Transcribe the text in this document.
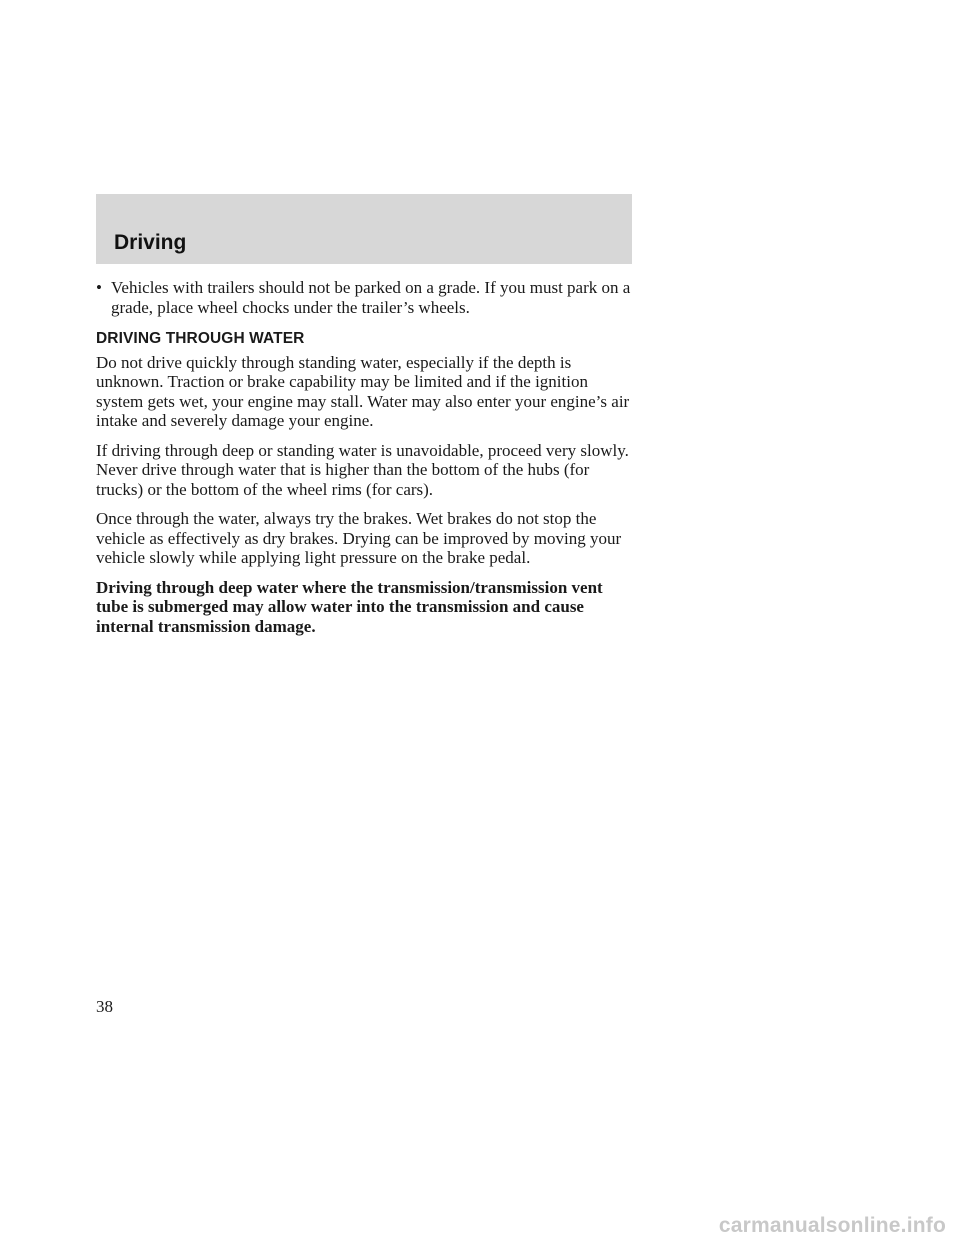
Driving
• Vehicles with trailers should not be parked on a grade. If you must park on a grade, place wheel chocks under the trailer’s wheels.
DRIVING THROUGH WATER

Do not drive quickly through standing water, especially if the depth is unknown. Traction or brake capability may be limited and if the ignition system gets wet, your engine may stall. Water may also enter your engine’s air intake and severely damage your engine.

If driving through deep or standing water is unavoidable, proceed very slowly. Never drive through water that is higher than the bottom of the hubs (for trucks) or the bottom of the wheel rims (for cars).

Once through the water, always try the brakes. Wet brakes do not stop the vehicle as effectively as dry brakes. Drying can be improved by moving your vehicle slowly while applying light pressure on the brake pedal.

Driving through deep water where the transmission/transmission vent tube is submerged may allow water into the transmission and cause internal transmission damage.

38
carmanualsonline.info
